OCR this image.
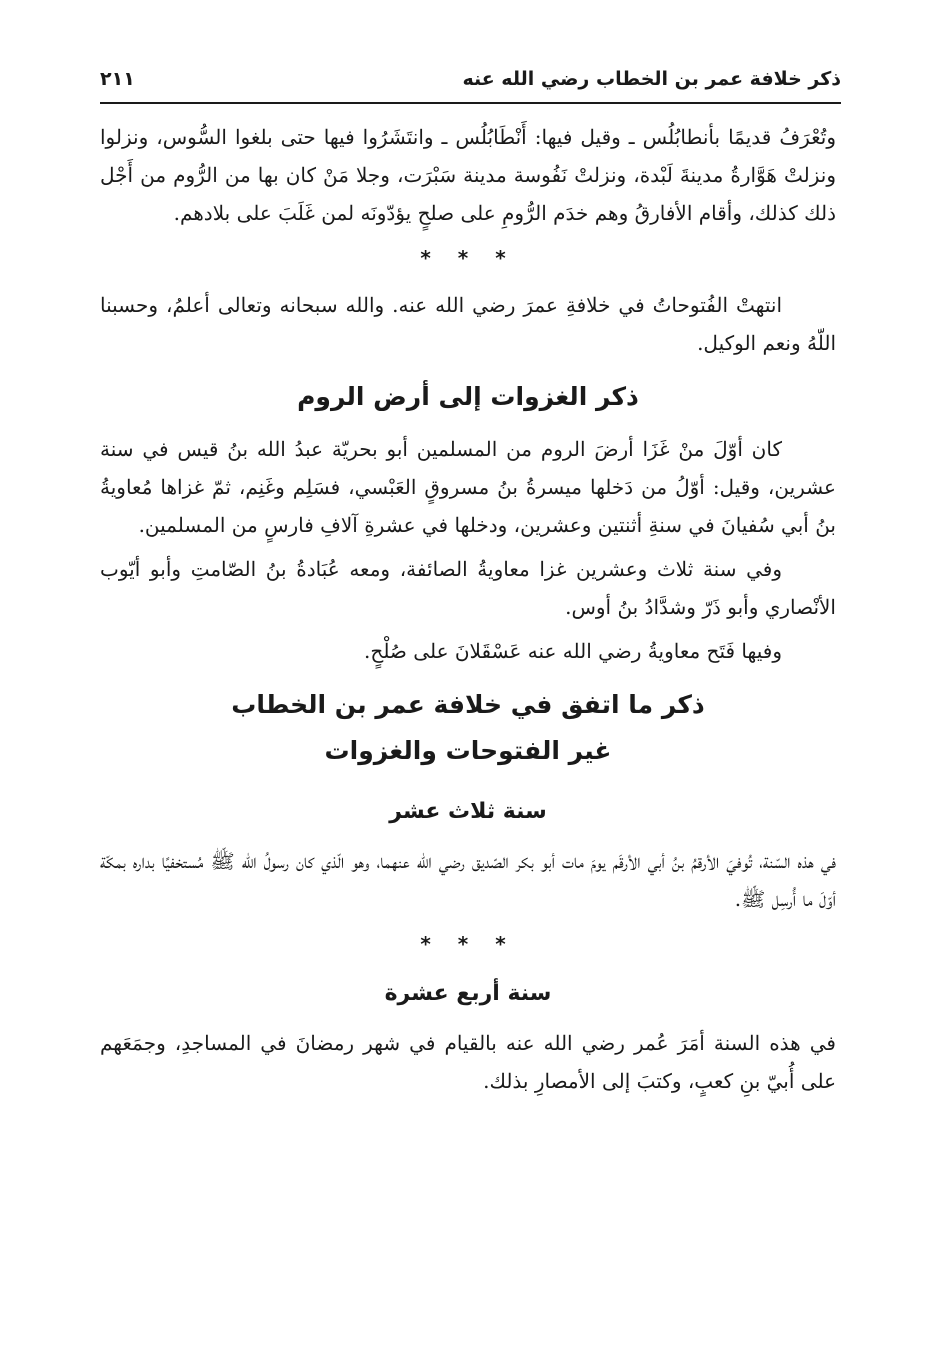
ذكر خلافة عمر بن الخطاب رضي الله عنه
٢١١

وتُعْرَفُ قديمًا بأنطابُلُس ـ وقيل فيها: أَنْطَابُلُس ـ وانتَشَرُوا فيها حتى بلغوا السُّوس، ونزلوا ونزلتْ هَوَّارةُ مدينةَ لَبْدة، ونزلتْ نَفُوسة مدينة سَبْرَت، وجلا مَنْ كان بها من الرُّوم من أَجْل ذلك كذلك، وأقام الأفارقُ وهم خدَم الرُّومِ على صلحٍ يؤدّونَه لمن غَلَبَ على بلادهم.

* * *

انتهتْ الفُتوحاتُ في خلافةِ عمرَ رضي الله عنه. والله سبحانه وتعالى أعلمُ، وحسبنا اللّهُ ونعم الوكيل.

ذكر الغزوات إلى أرض الروم

كان أوّلَ منْ غَزَا أرضَ الروم من المسلمين أبو بحريّة عبدُ الله بنُ قيس في سنة عشرين، وقيل: أوّلُ من دَخلها ميسرةُ بنُ مسروقٍ العَبْسي، فسَلِم وغَنِم، ثمّ غزاها مُعاويةُ بنُ أبي سُفيانَ في سنةِ أثنتين وعشرين، ودخلها في عشرةِ آلافِ فارسٍ من المسلمين.

وفي سنة ثلاث وعشرين غزا معاويةُ الصائفة، ومعه عُبَادةُ بنُ الصّامتِ وأبو أيّوب الأنْصاري وأبو ذَرّ وشدَّادُ بنُ أوس.

وفيها فَتَح معاويةُ رضي الله عنه عَسْقَلانَ على صُلْحٍ.

ذكر ما اتفق في خلافة عمر بن الخطاب
غير الفتوحات والغزوات
سنة ثلاث عشر

في هذه السّنة، تُوفيَ الأرقمُ بنُ أبي الأرقَم يومَ مات أبو بكر الصّديق رضي الله عنهما، وهو الّذي كان رسولُ الله ﷺ مُستخفيًا بداره بمكّة أوّلَ ما أُرسِل ﷺ.

* * *
سنة أربع عشرة

في هذه السنة أمَرَ عُمر رضي الله عنه بالقيام في شهر رمضانَ في المساجدِ، وجمَعَهم على أُبيّ بنِ كعبٍ، وكتبَ إلى الأمصارِ بذلك.
